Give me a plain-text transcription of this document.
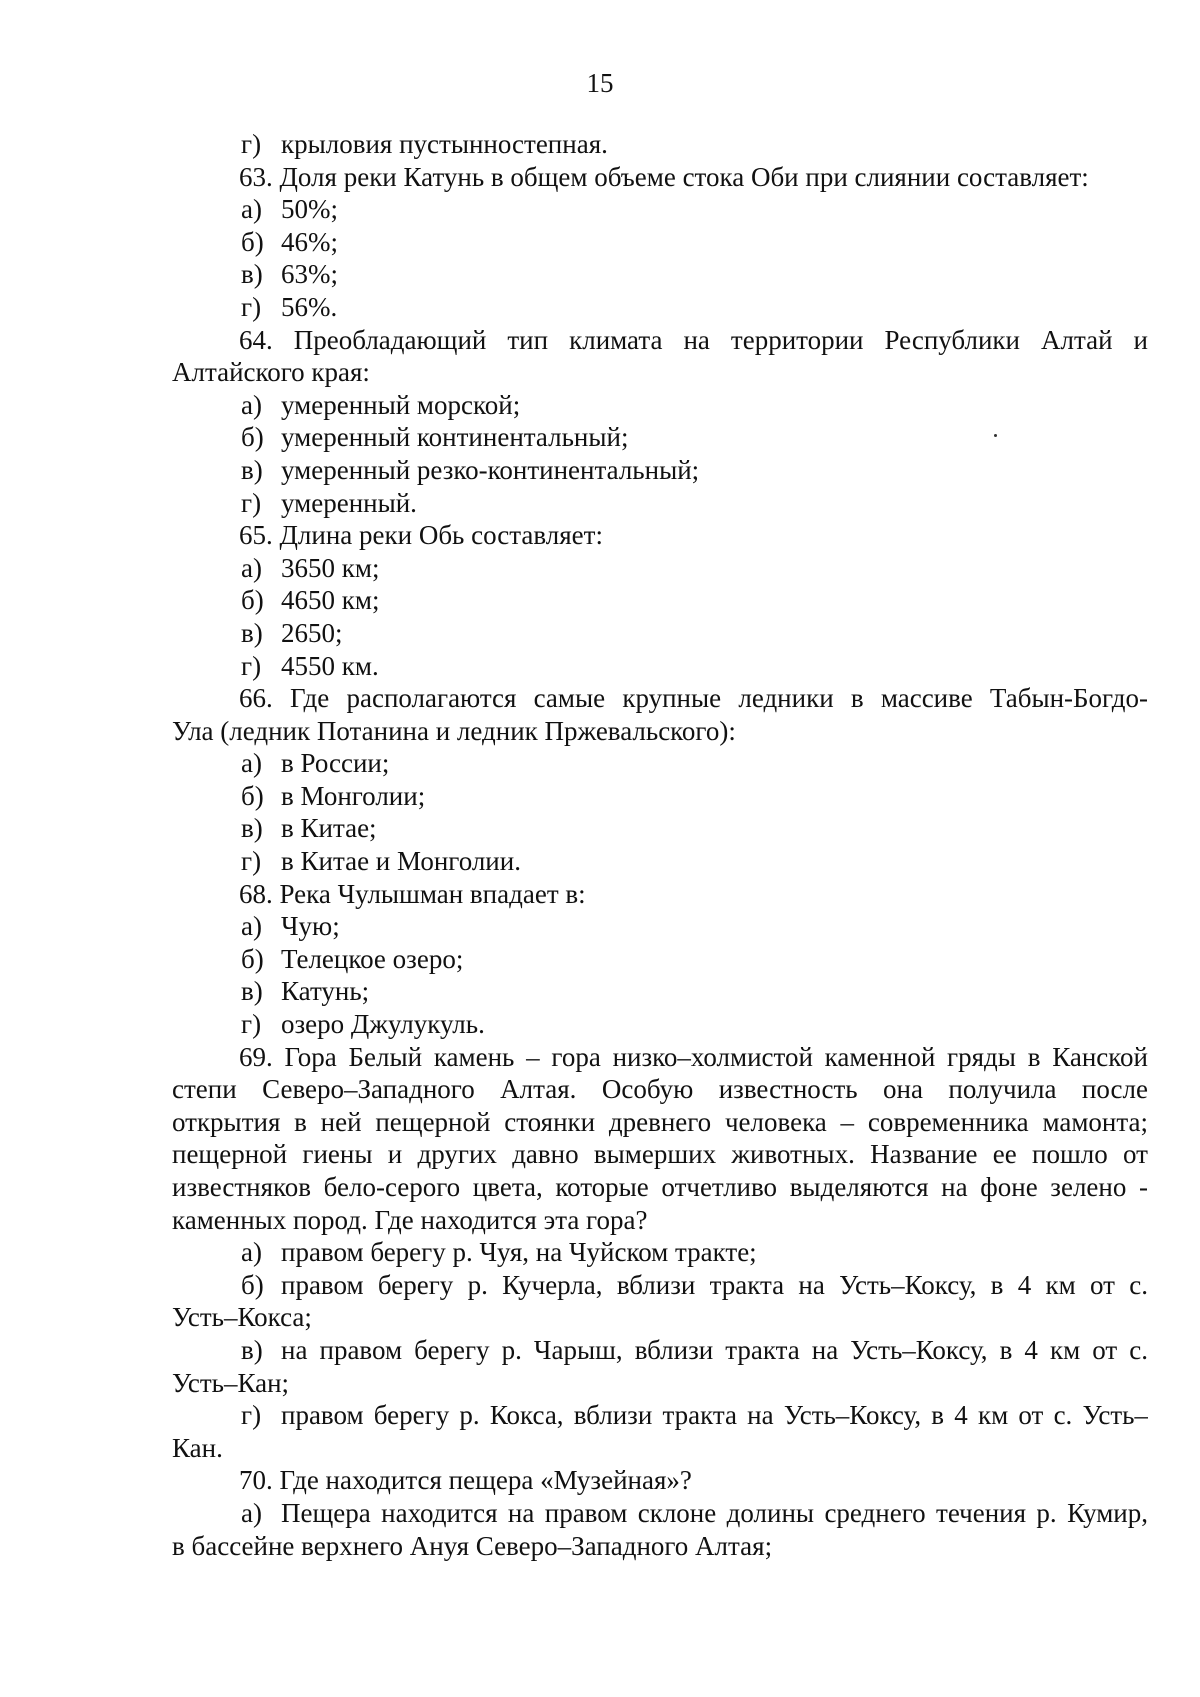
15
г) крыловия пустынностепная.
63. Доля реки Катунь в общем объеме стока Оби при слиянии составляет:
а) 50%;
б) 46%;
в) 63%;
г) 56%.
64. Преобладающий тип климата на территории Республики Алтай и
Алтайского края:
а) умеренный морской;
б) умеренный континентальный;
в) умеренный резко-континентальный;
г) умеренный.
65. Длина реки Обь составляет:
а) 3650 км;
б) 4650 км;
в) 2650;
г) 4550 км.
66. Где располагаются самые крупные ледники в массиве Табын-Богдо-
Ула (ледник Потанина и ледник Пржевальского):
а) в России;
б) в Монголии;
в) в Китае;
г) в Китае и Монголии.
68. Река Чулышман впадает в:
а) Чую;
б) Телецкое озеро;
в) Катунь;
г) озеро Джулукуль.
69. Гора Белый камень – гора низко–холмистой каменной гряды в Канской
степи Северо–Западного Алтая. Особую известность она получила после
открытия в ней пещерной стоянки древнего человека – современника мамонта;
пещерной гиены и других давно вымерших животных. Название ее пошло от
известняков бело-серого цвета, которые отчетливо выделяются на фоне зелено -
каменных пород. Где находится эта гора?
а) правом берегу р. Чуя, на Чуйском тракте;
б) правом берегу р. Кучерла, вблизи тракта на Усть–Коксу, в 4 км от с.
Усть–Кокса;
в) на правом берегу р. Чарыш, вблизи тракта на Усть–Коксу, в 4 км от с.
Усть–Кан;
г) правом берегу р. Кокса, вблизи тракта на Усть–Коксу, в 4 км от с. Усть–
Кан.
70. Где находится пещера «Музейная»?
а) Пещера находится на правом склоне долины среднего течения р. Кумир,
в бассейне верхнего Ануя Северо–Западного Алтая;
